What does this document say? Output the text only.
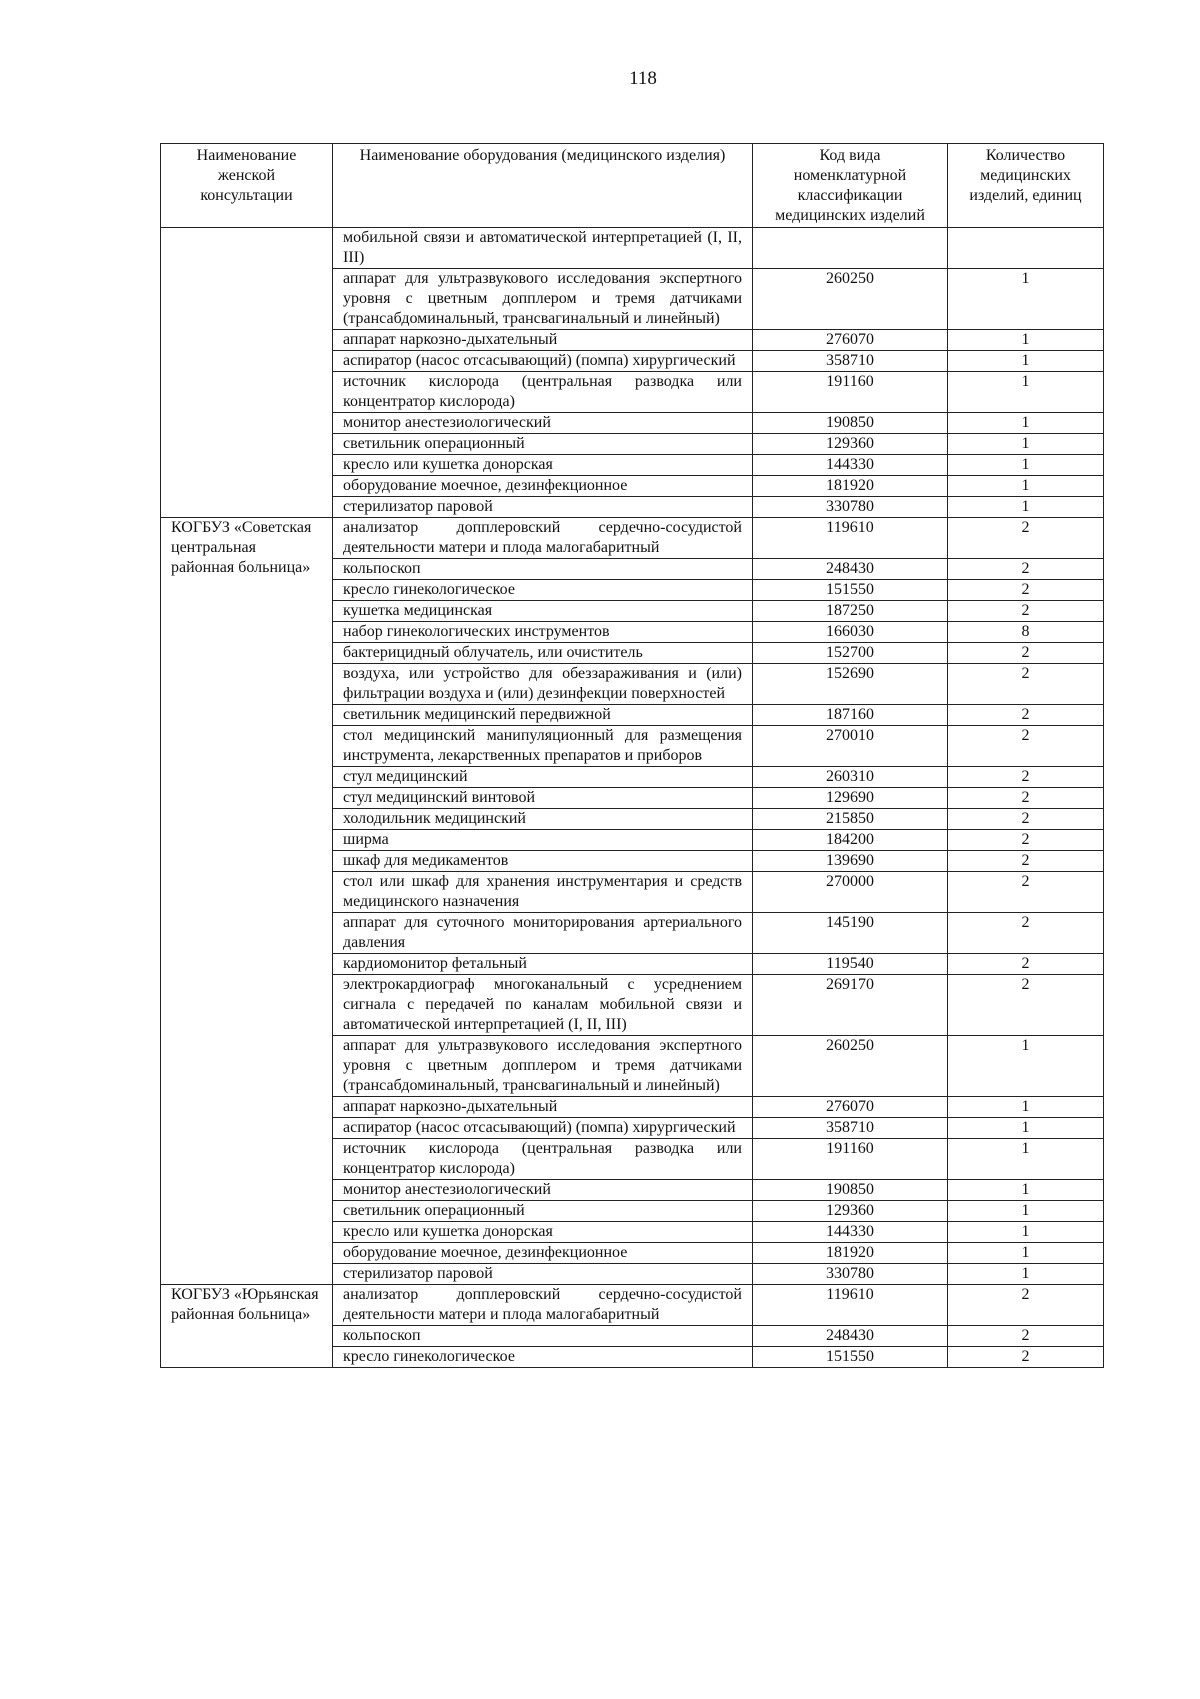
118
Наименование женской консультации	Наименование оборудования (медицинского изделия)	Код вида номенклатурной классификации медицинских изделий	Количество медицинских изделий, единиц
	мобильной связи и автоматической интерпретацией (I, II, III)		
	аппарат для ультразвукового исследования экспертного уровня с цветным допплером и тремя датчиками (трансабдоминальный, трансвагинальный и линейный)	260250	1
	аппарат наркозно-дыхательный	276070	1
	аспиратор (насос отсасывающий) (помпа) хирургический	358710	1
	источник кислорода (центральная разводка или концентратор кислорода)	191160	1
	монитор анестезиологический	190850	1
	светильник операционный	129360	1
	кресло или кушетка донорская	144330	1
	оборудование моечное, дезинфекционное	181920	1
	стерилизатор паровой	330780	1
КОГБУЗ «Советская центральная районная больница»	анализатор допплеровский сердечно-сосудистой деятельности матери и плода малогабаритный	119610	2
	кольпоскоп	248430	2
	кресло гинекологическое	151550	2
	кушетка медицинская	187250	2
	набор гинекологических инструментов	166030	8
	бактерицидный облучатель, или очиститель	152700	2
	воздуха, или устройство для обеззараживания и (или) фильтрации воздуха и (или) дезинфекции поверхностей	152690	2
	светильник медицинский передвижной	187160	2
	стол медицинский манипуляционный для размещения инструмента, лекарственных препаратов и приборов	270010	2
	стул медицинский	260310	2
	стул медицинский винтовой	129690	2
	холодильник медицинский	215850	2
	ширма	184200	2
	шкаф для медикаментов	139690	2
	стол или шкаф для хранения инструментария и средств медицинского назначения	270000	2
	аппарат для суточного мониторирования артериального давления	145190	2
	кардиомонитор фетальный	119540	2
	электрокардиограф многоканальный с усреднением сигнала с передачей по каналам мобильной связи и автоматической интерпретацией (I, II, III)	269170	2
	аппарат для ультразвукового исследования экспертного уровня с цветным допплером и тремя датчиками (трансабдоминальный, трансвагинальный и линейный)	260250	1
	аппарат наркозно-дыхательный	276070	1
	аспиратор (насос отсасывающий) (помпа) хирургический	358710	1
	источник кислорода (центральная разводка или концентратор кислорода)	191160	1
	монитор анестезиологический	190850	1
	светильник операционный	129360	1
	кресло или кушетка донорская	144330	1
	оборудование моечное, дезинфекционное	181920	1
	стерилизатор паровой	330780	1
КОГБУЗ «Юрьянская районная больница»	анализатор допплеровский сердечно-сосудистой деятельности матери и плода малогабаритный	119610	2
	кольпоскоп	248430	2
	кресло гинекологическое	151550	2
